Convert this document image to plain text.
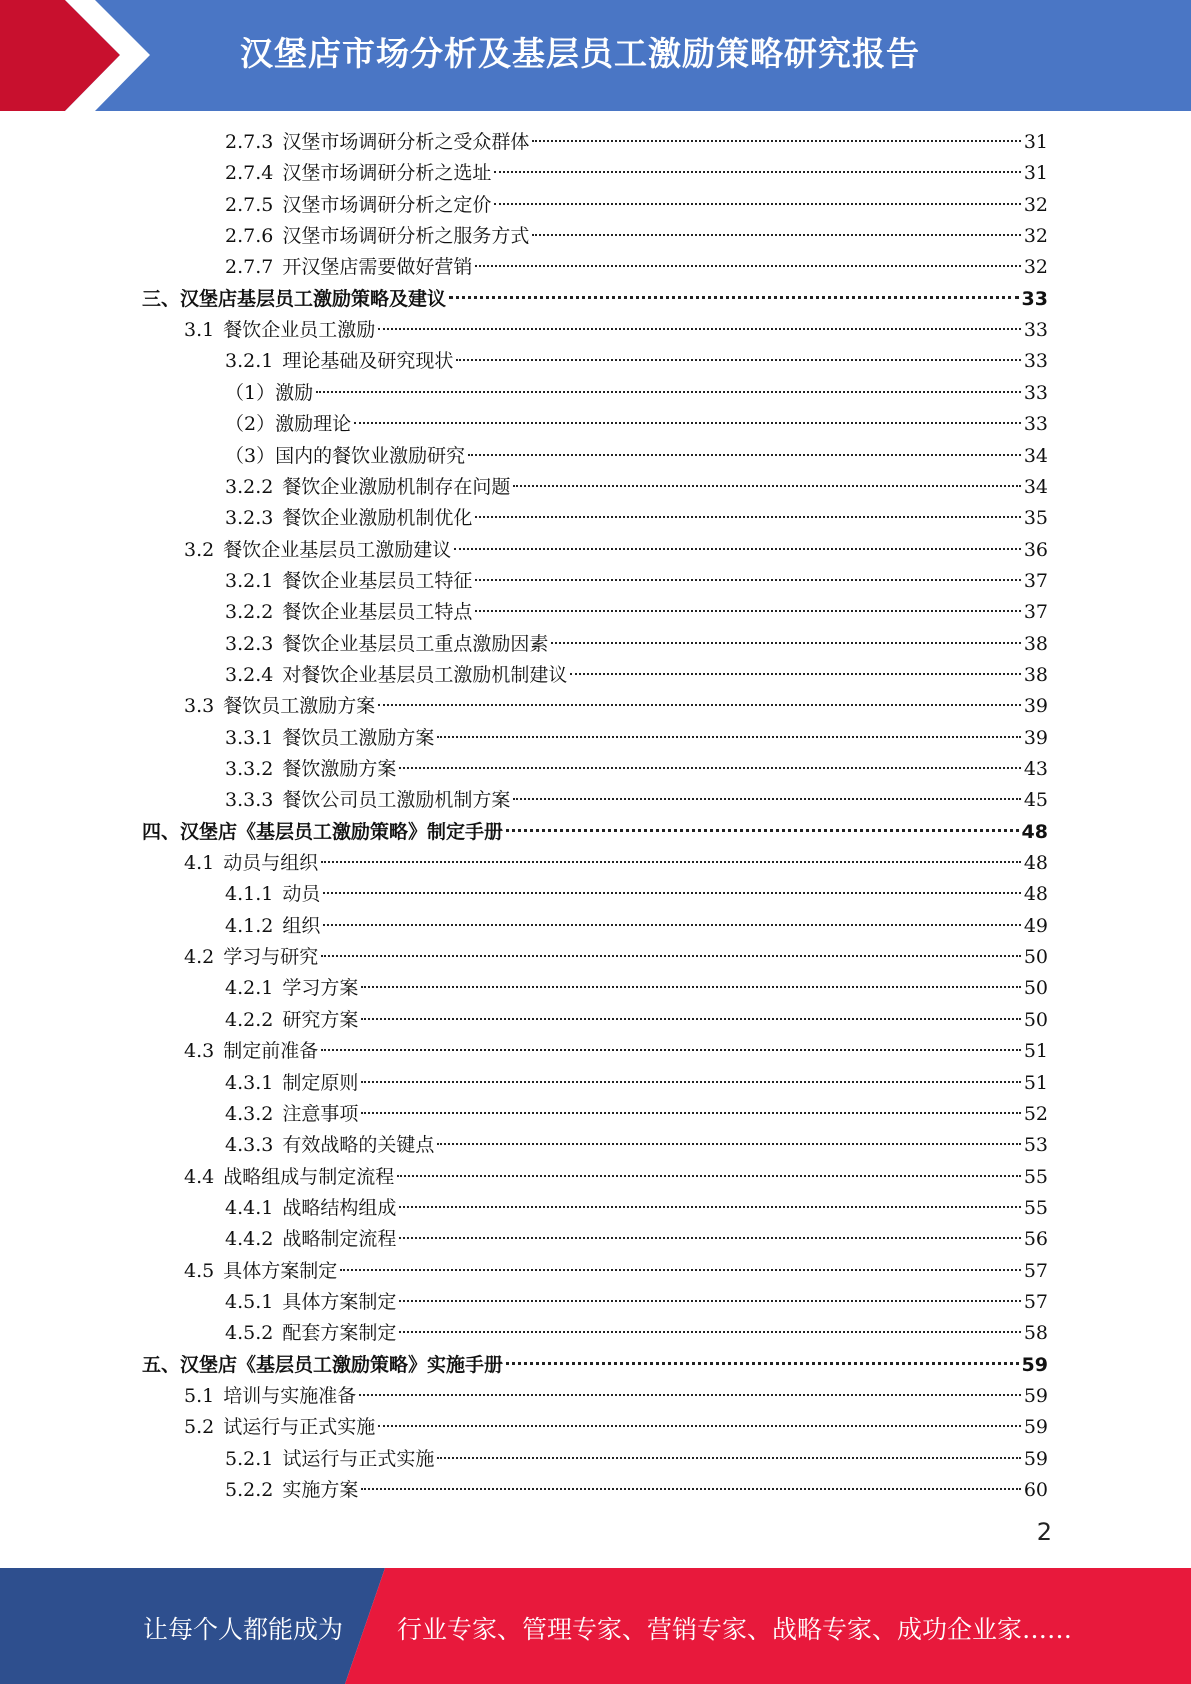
汉堡店市场分析及基层员工激励策略研究报告
2.7.3 汉堡市场调研分析之受众群体	31
2.7.4 汉堡市场调研分析之选址	31
2.7.5 汉堡市场调研分析之定价	32
2.7.6 汉堡市场调研分析之服务方式	32
2.7.7 开汉堡店需要做好营销	32
三、汉堡店基层员工激励策略及建议	33
3.1 餐饮企业员工激励	33
3.2.1 理论基础及研究现状	33
（1）激励	33
（2）激励理论	33
（3）国内的餐饮业激励研究	34
3.2.2 餐饮企业激励机制存在问题	34
3.2.3 餐饮企业激励机制优化	35
3.2 餐饮企业基层员工激励建议	36
3.2.1 餐饮企业基层员工特征	37
3.2.2 餐饮企业基层员工特点	37
3.2.3 餐饮企业基层员工重点激励因素	38
3.2.4 对餐饮企业基层员工激励机制建议	38
3.3 餐饮员工激励方案	39
3.3.1 餐饮员工激励方案	39
3.3.2 餐饮激励方案	43
3.3.3 餐饮公司员工激励机制方案	45
四、汉堡店《基层员工激励策略》制定手册	48
4.1 动员与组织	48
4.1.1 动员	48
4.1.2 组织	49
4.2 学习与研究	50
4.2.1 学习方案	50
4.2.2 研究方案	50
4.3 制定前准备	51
4.3.1 制定原则	51
4.3.2 注意事项	52
4.3.3 有效战略的关键点	53
4.4 战略组成与制定流程	55
4.4.1 战略结构组成	55
4.4.2 战略制定流程	56
4.5 具体方案制定	57
4.5.1 具体方案制定	57
4.5.2 配套方案制定	58
五、汉堡店《基层员工激励策略》实施手册	59
5.1 培训与实施准备	59
5.2 试运行与正式实施	59
5.2.1 试运行与正式实施	59
5.2.2 实施方案	60
2
让每个人都能成为 行业专家、管理专家、营销专家、战略专家、成功企业家……
